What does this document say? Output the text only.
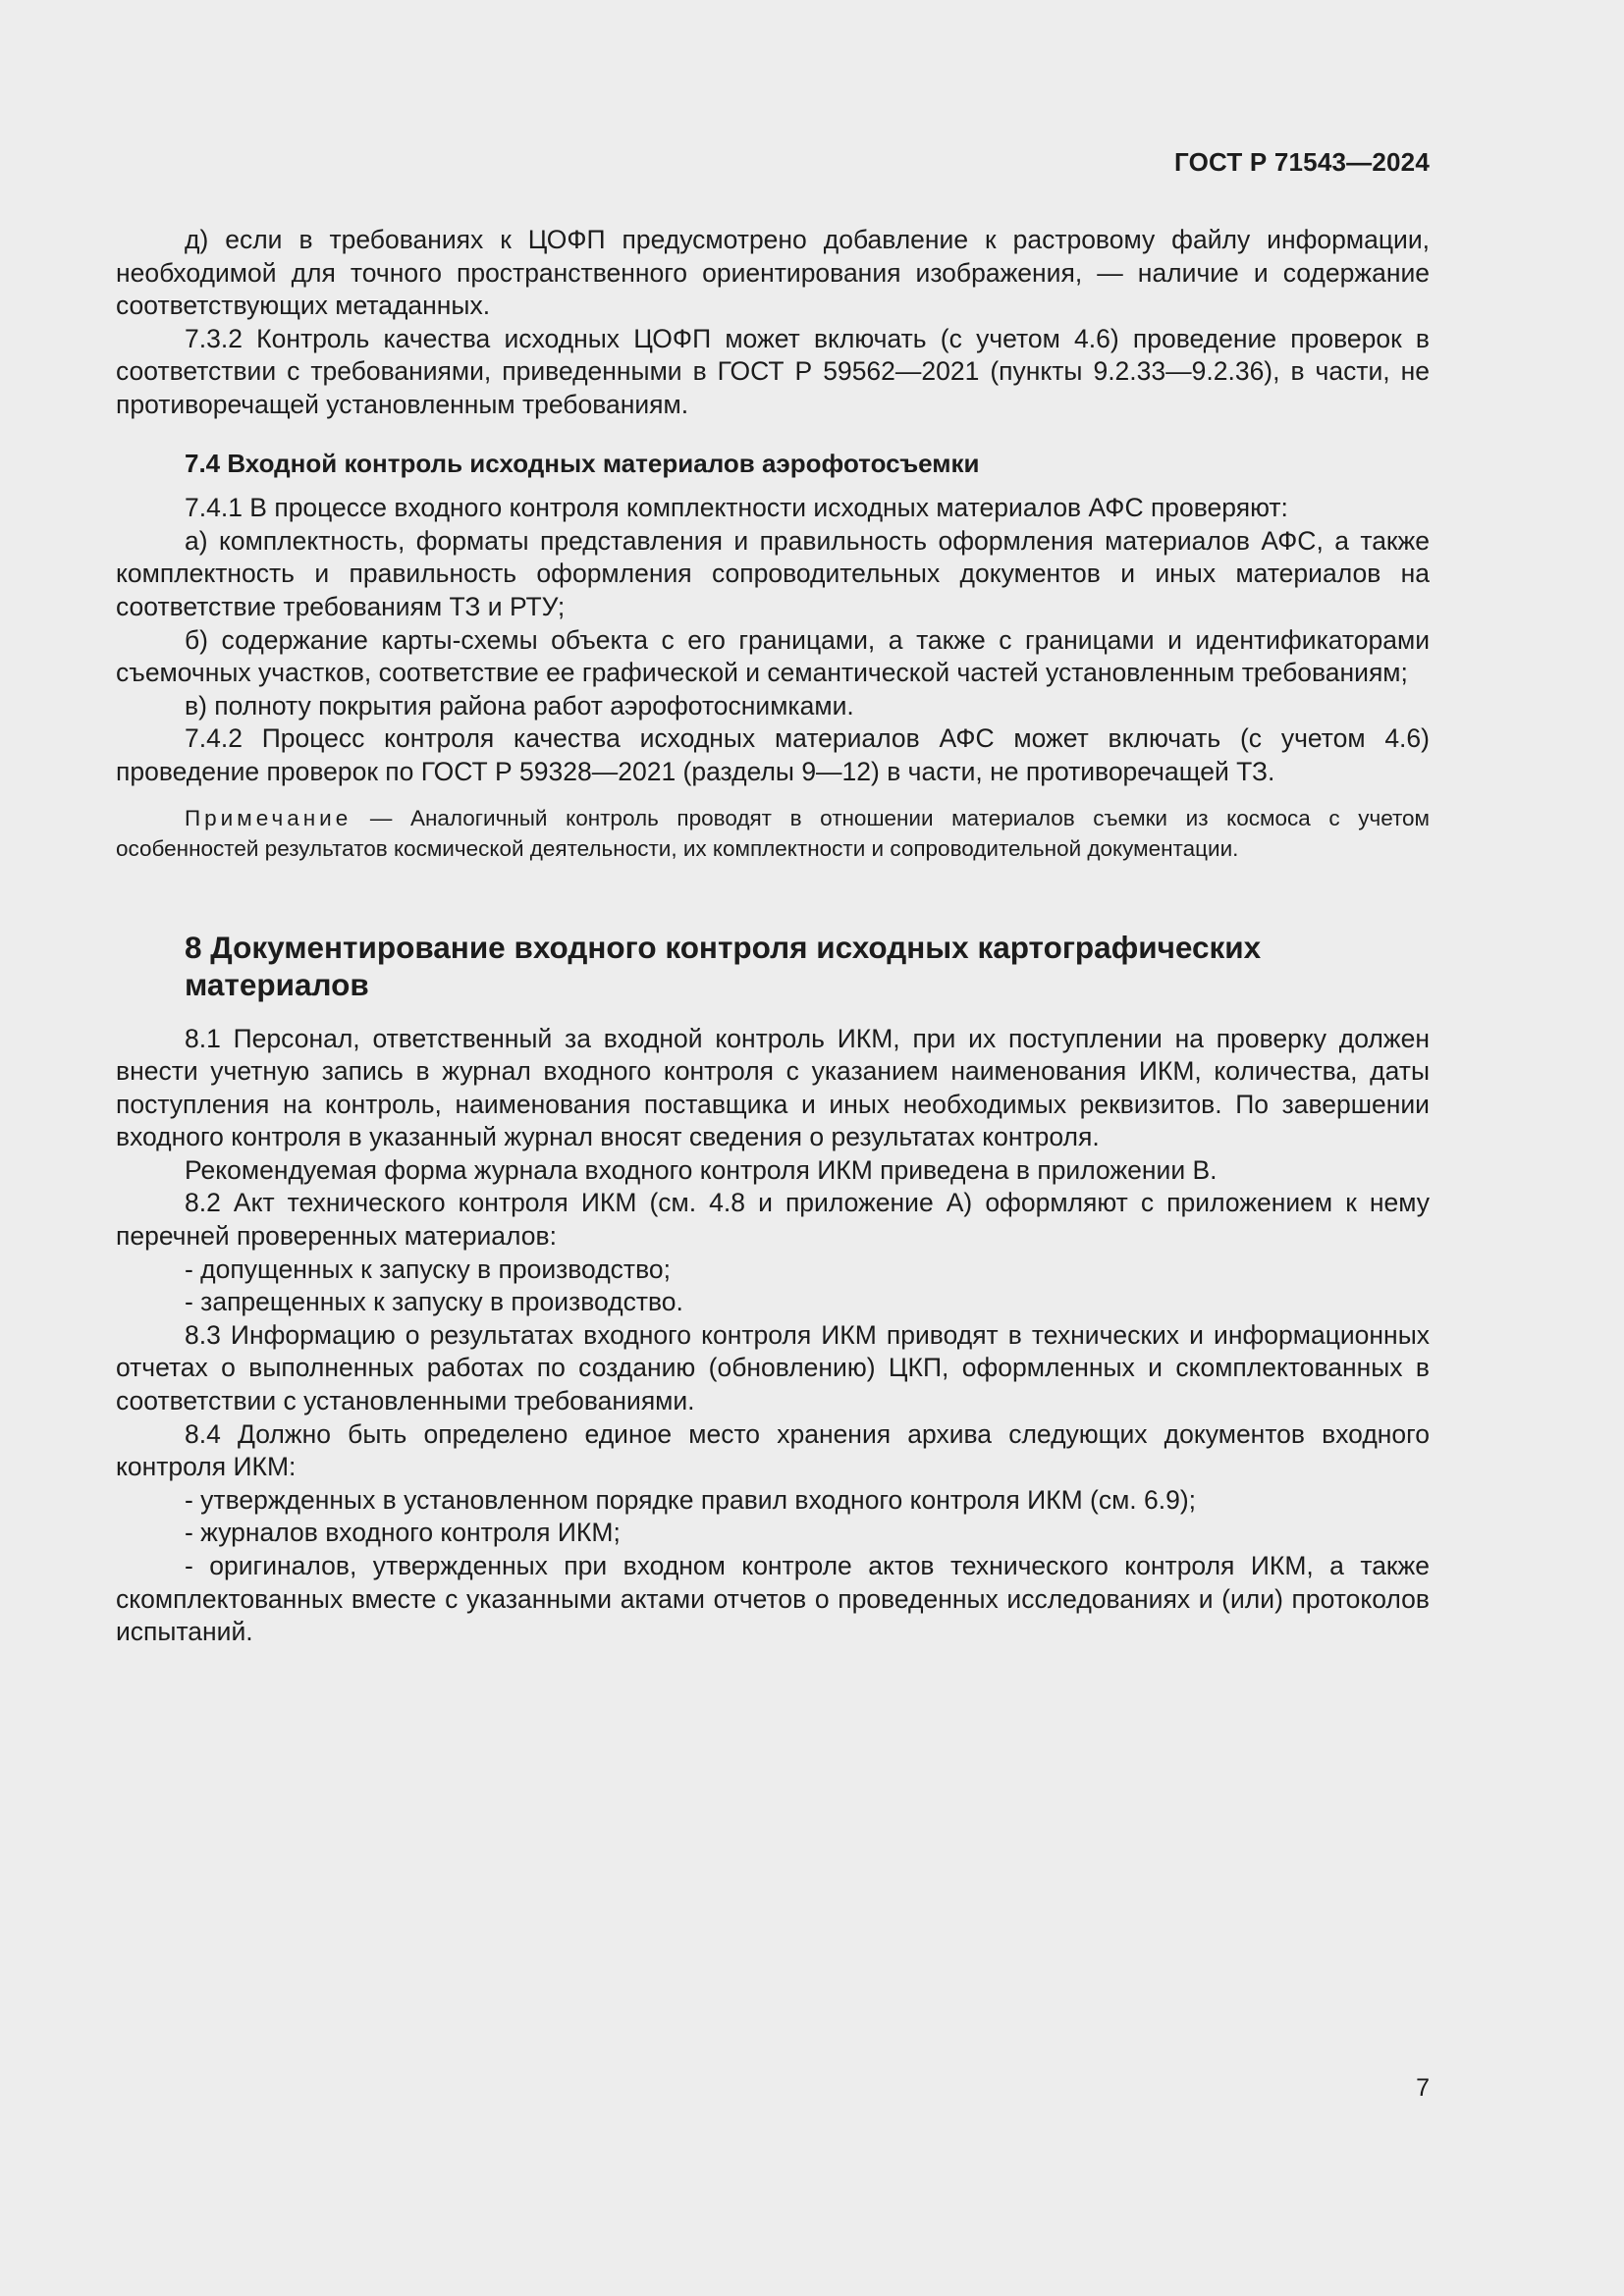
ГОСТ Р 71543—2024

д) если в требованиях к ЦОФП предусмотрено добавление к растровому файлу информации, необходимой для точного пространственного ориентирования изображения, — наличие и содержание соответствующих метаданных.

7.3.2 Контроль качества исходных ЦОФП может включать (с учетом 4.6) проведение проверок в соответствии с требованиями, приведенными в ГОСТ Р 59562—2021 (пункты 9.2.33—9.2.36), в части, не противоречащей установленным требованиям.

7.4 Входной контроль исходных материалов аэрофотосъемки

7.4.1 В процессе входного контроля комплектности исходных материалов АФС проверяют:

а) комплектность, форматы представления и правильность оформления материалов АФС, а также комплектность и правильность оформления сопроводительных документов и иных материалов на соответствие требованиям ТЗ и РТУ;

б) содержание карты-схемы объекта с его границами, а также с границами и идентификаторами съемочных участков, соответствие ее графической и семантической частей установленным требованиям;

в) полноту покрытия района работ аэрофотоснимками.

7.4.2 Процесс контроля качества исходных материалов АФС может включать (с учетом 4.6) проведение проверок по ГОСТ Р 59328—2021 (разделы 9—12) в части, не противоречащей ТЗ.

Примечание — Аналогичный контроль проводят в отношении материалов съемки из космоса с учетом особенностей результатов космической деятельности, их комплектности и сопроводительной документации.

8 Документирование входного контроля исходных картографических материалов

8.1 Персонал, ответственный за входной контроль ИКМ, при их поступлении на проверку должен внести учетную запись в журнал входного контроля с указанием наименования ИКМ, количества, даты поступления на контроль, наименования поставщика и иных необходимых реквизитов. По завершении входного контроля в указанный журнал вносят сведения о результатах контроля.

Рекомендуемая форма журнала входного контроля ИКМ приведена в приложении В.

8.2 Акт технического контроля ИКМ (см. 4.8 и приложение А) оформляют с приложением к нему перечней проверенных материалов:

- допущенных к запуску в производство;

- запрещенных к запуску в производство.

8.3 Информацию о результатах входного контроля ИКМ приводят в технических и информационных отчетах о выполненных работах по созданию (обновлению) ЦКП, оформленных и скомплектованных в соответствии с установленными требованиями.

8.4 Должно быть определено единое место хранения архива следующих документов входного контроля ИКМ:

- утвержденных в установленном порядке правил входного контроля ИКМ (см. 6.9);

- журналов входного контроля ИКМ;

- оригиналов, утвержденных при входном контроле актов технического контроля ИКМ, а также скомплектованных вместе с указанными актами отчетов о проведенных исследованиях и (или) протоколов испытаний.

7
